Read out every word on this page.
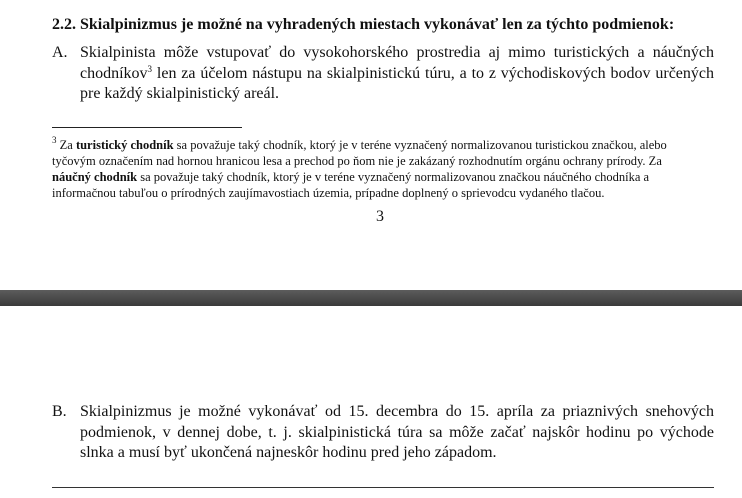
2.2. Skialpinizmus je možné na vyhradených miestach vykonávať len za týchto podmienok:
A. Skialpinista môže vstupovať do vysokohorského prostredia aj mimo turistických a náučných
chodníkov$^3$ len za účelom nástupu na skialpinistickú túru, a to z východiskových bodov určených
pre každý skialpinistický areál.
$^3$ Za turistický chodník sa považuje taký chodník, ktorý je v teréne vyznačený normalizovanou turistickou značkou, alebo
tyčovým označením nad hornou hranicou lesa a prechod po ňom nie je zakázaný rozhodnutím orgánu ochrany prírody. Za
náučný chodník sa považuje taký chodník, ktorý je v teréne vyznačený normalizovanou značkou náučného chodníka a
informačnou tabuľou o prírodných zaujímavostiach územia, prípadne doplnený o sprievodcu vydaného tlačou.
3
B. Skialpinizmus je možné vykonávať od 15. decembra do 15. apríla za priaznivých snehových
podmienok, v dennej dobe, t. j. skialpinistická túra sa môže začať najskôr hodinu po východe
slnka a musí byť ukončená najneskôr hodinu pred jeho západom.
